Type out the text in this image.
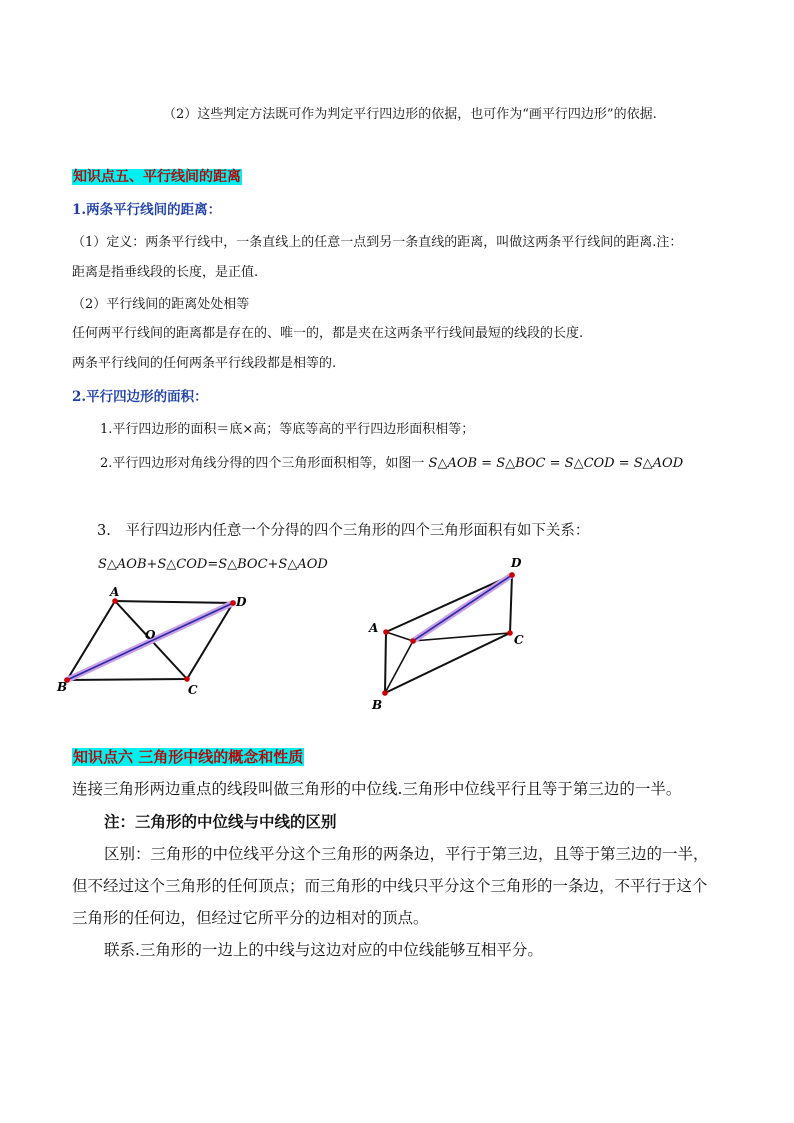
（2）这些判定方法既可作为判定平行四边形的依据，也可作为“画平行四边形”的依据.
知识点五、平行线间的距离
1.两条平行线间的距离：
（1）定义：两条平行线中，一条直线上的任意一点到另一条直线的距离，叫做这两条平行线间的距离.注：
距离是指垂线段的长度，是正值.
（2）平行线间的距离处处相等
任何两平行线间的距离都是存在的、唯一的，都是夹在这两条平行线间最短的线段的长度.
两条平行线间的任何两条平行线段都是相等的.
2.平行四边形的面积：
1.平行四边形的面积＝底×高；等底等高的平行四边形面积相等；
2.平行四边形对角线分得的四个三角形面积相等，如图一 S△AOB = S△BOC = S△COD = S△AOD
3.　平行四边形内任意一个分得的四个三角形的四个三角形面积有如下关系：
S△AOB+S△COD=S△BOC+S△AOD
A
D
O
B	C
D
A
C
B
知识点六 三角形中线的概念和性质
连接三角形两边重点的线段叫做三角形的中位线.三角形中位线平行且等于第三边的一半。
注：三角形的中位线与中线的区别
区别：三角形的中位线平分这个三角形的两条边，平行于第三边，且等于第三边的一半，
但不经过这个三角形的任何顶点；而三角形的中线只平分这个三角形的一条边，不平行于这个
三角形的任何边，但经过它所平分的边相对的顶点。
联系.三角形的一边上的中线与这边对应的中位线能够互相平分。
